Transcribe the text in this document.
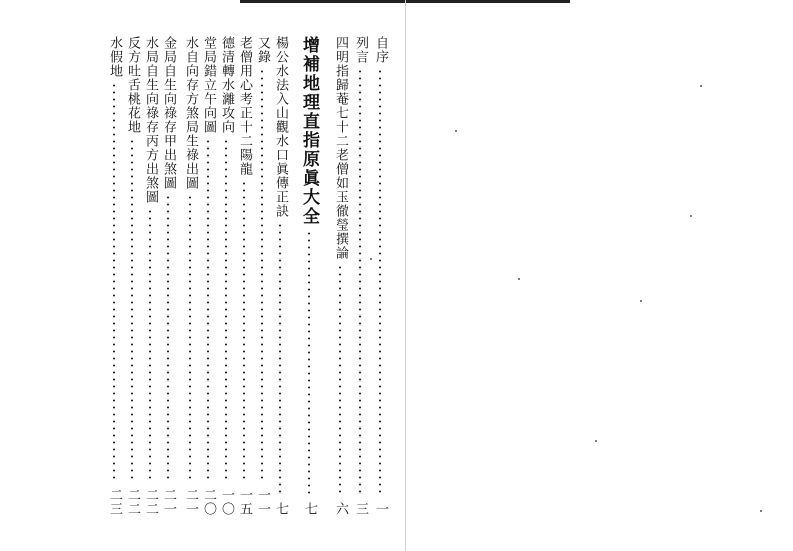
自序
一
列言
三
四明指歸菴七十二老僧如玉徹瑩撰論
六
增補地理直指原眞大全
七
楊公水法入山觀水口眞傳正訣
七
又錄
一一
老僧用心考正十二陽龍
一五
德清轉水灕攻向
一〇
堂局錯立午向圖
二〇
水自向存方煞局生祿出圖
二一
金局自生向祿存甲出煞圖
二一
水局自生向祿存丙方出煞圖
二二
反方吐舌桃花地
二二
水假地
二三
